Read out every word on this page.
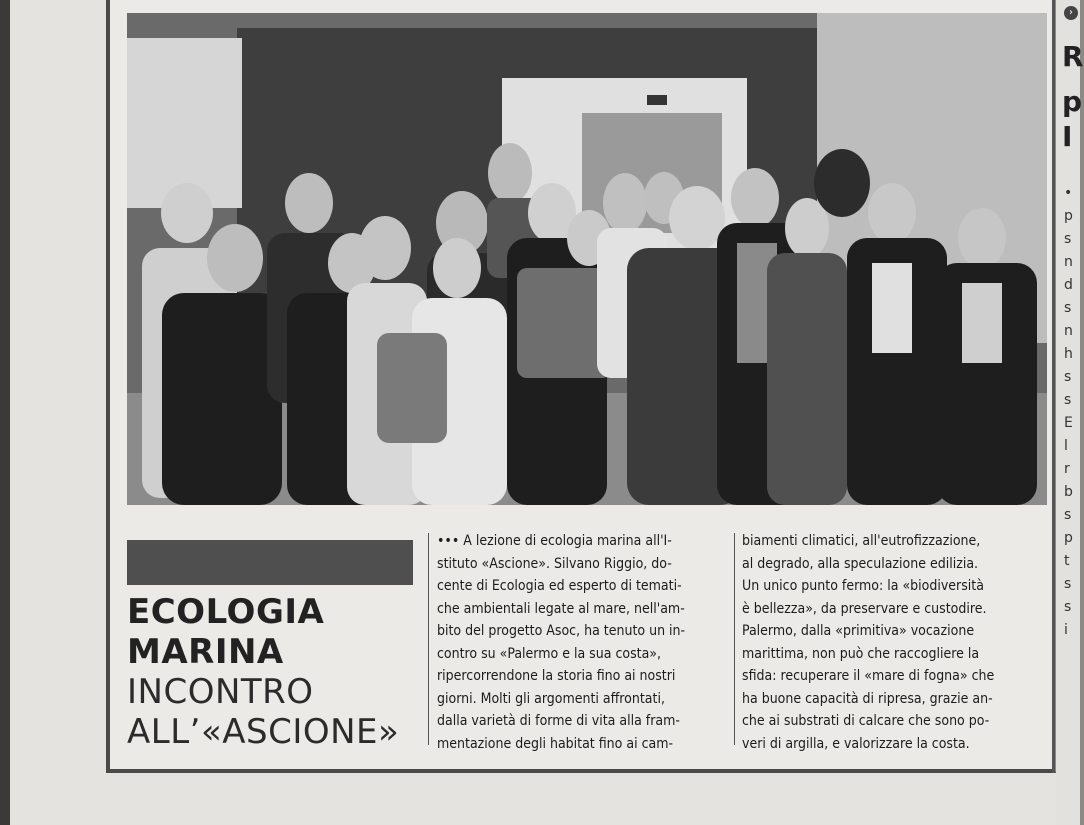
ECOLOGIA
MARINA
INCONTRO
ALL’«ASCIONE»
••• A lezione di ecologia marina all'I-
stituto «Ascione». Silvano Riggio, do-
cente di Ecologia ed esperto di temati-
che ambientali legate al mare, nell'am-
bito del progetto Asoc, ha tenuto un in-
contro su «Palermo e la sua costa»,
ripercorrendone la storia fino ai nostri
giorni. Molti gli argomenti affrontati,
dalla varietà di forme di vita alla fram-
mentazione degli habitat fino ai cam-
biamenti climatici, all'eutrofizzazione,
al degrado, alla speculazione edilizia.
Un unico punto fermo: la «biodiversità
è bellezza», da preservare e custodire.
Palermo, dalla «primitiva» vocazione
marittima, non può che raccogliere la
sfida: recuperare il «mare di fogna» che
ha buone capacità di ripresa, grazie an-
che ai substrati di calcare che sono po-
veri di argilla, e valorizzare la costa.
›
R
p
I
•
p
s
n
d
s
n
h
s
s
E
l
r
b
s
p
t
s
s
i
